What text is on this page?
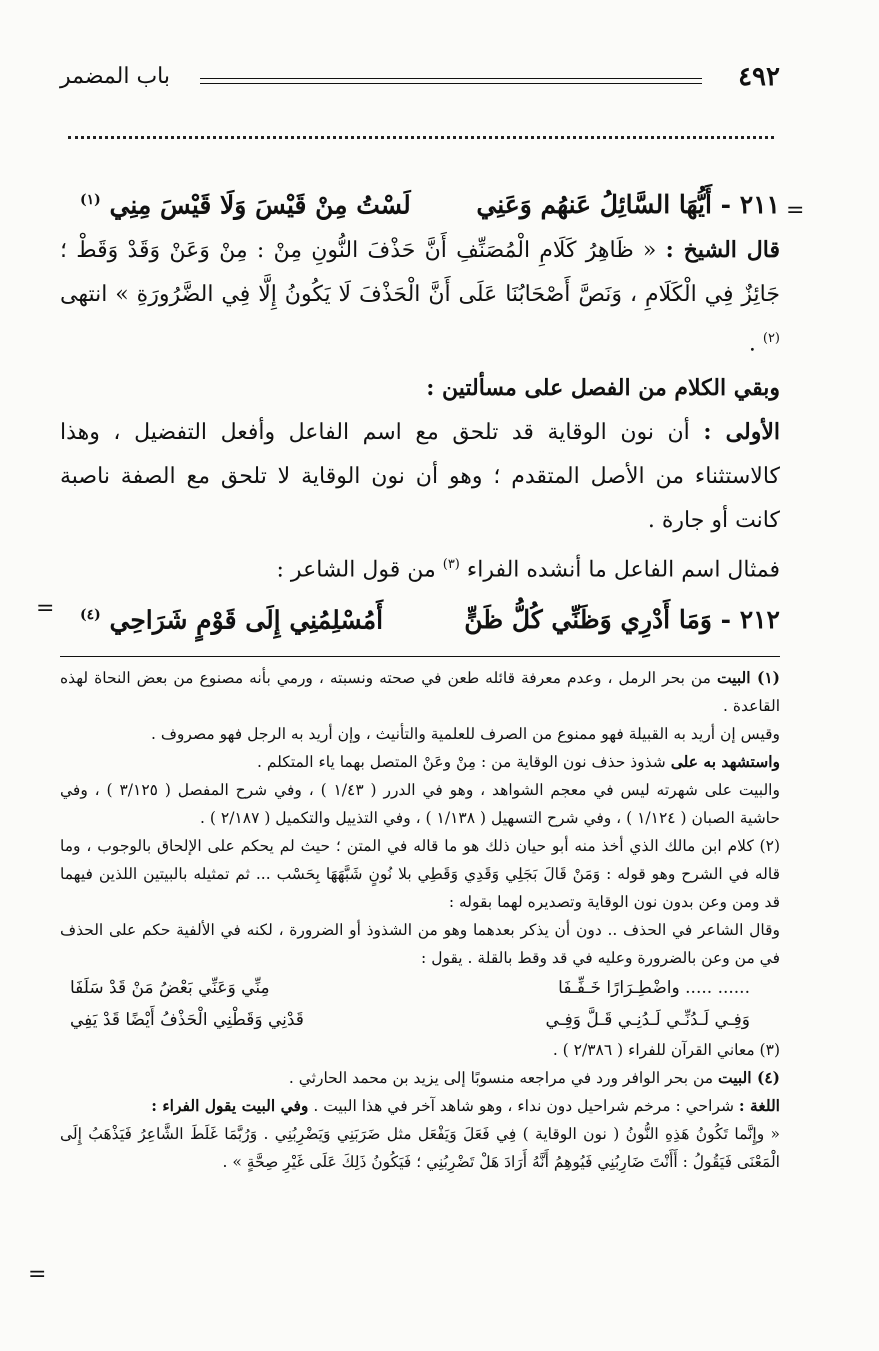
٤٩٢
باب المضمر
=
=
٢١١ - أَيُّهَا السَّائِلُ عَنهُم وَعَنِي
لَسْتُ مِنْ قَيْسَ وَلَا قَيْسَ مِنِي $^{(١)}$

قال الشيخ : « ظَاهِرُ كَلَامِ الْمُصَنِّفِ أَنَّ حَذْفَ النُّونِ مِنْ : مِنْ وَعَنْ وَقَدْ وَقَطْ ؛ جَائِزٌ فِي الْكَلَامِ ، وَنَصَّ أَصْحَابُنَا عَلَى أَنَّ الْحَذْفَ لَا يَكُونُ إِلَّا فِي الضَّرُورَةِ » انتهى $^{(٢)}$ .

وبقي الكلام من الفصل على مسألتين :

الأولى : أن نون الوقاية قد تلحق مع اسم الفاعل وأفعل التفضيل ، وهذا كالاستثناء من الأصل المتقدم ؛ وهو أن نون الوقاية لا تلحق مع الصفة ناصبة كانت أو جارة .

فمثال اسم الفاعل ما أنشده الفراء $^{(٣)}$ من قول الشاعر :

٢١٢ - وَمَا أَدْرِي وَظَنِّي كُلُّ ظَنٍّ
أَمُسْلِمُنِي إِلَى قَوْمٍ شَرَاحِي $^{(٤)}$

(١) البيت من بحر الرمل ، وعدم معرفة قائله طعن في صحته ونسبته ، ورمي بأنه مصنوع من بعض النحاة لهذه القاعدة .

وقيس إن أريد به القبيلة فهو ممنوع من الصرف للعلمية والتأنيث ، وإن أريد به الرجل فهو مصروف .

واستشهد به على شذوذ حذف نون الوقاية من : مِنْ وعَنْ المتصل بهما ياء المتكلم .

والبيت على شهرته ليس في معجم الشواهد ، وهو في الدرر ( ١/٤٣ ) ، وفي شرح المفصل ( ٣/١٢٥ ) ، وفي حاشية الصبان ( ١/١٢٤ ) ، وفي شرح التسهيل ( ١/١٣٨ ) ، وفي التذييل والتكميل ( ٢/١٨٧ ) .

(٢) كلام ابن مالك الذي أخذ منه أبو حيان ذلك هو ما قاله في المتن ؛ حيث لم يحكم على الإلحاق بالوجوب ، وما قاله في الشرح وهو قوله : وَمَنْ قَالَ بَجَلِي وَقَدِي وَقَطِي بلا نُونٍ شَبَّهَهَا بِحَسْب ... ثم تمثيله بالبيتين اللذين فيهما قد ومن وعن بدون نون الوقاية وتصديره لهما بقوله :

وقال الشاعر في الحذف .. دون أن يذكر بعدهما وهو من الشذوذ أو الضرورة ، لكنه في الألفية حكم على الحذف في من وعن بالضرورة وعليه في قد وقط بالقلة . يقول :

...... ..... واضْطِـرَارًا خَـفِّـفَا
مِنِّي وَعَنِّي بَعْضُ مَنْ قَدْ سَلَفَا
وَفِـي لَـدُنِّـي لَـدُنِـي قَـلَّ وَفِـي
قَدْنِي وَقَطْنِي الْحَذْفُ أَيْضًا قَدْ يَفِي

(٣) معاني القرآن للفراء ( ٢/٣٨٦ ) .

(٤) البيت من بحر الوافر ورد في مراجعه منسوبًا إلى يزيد بن محمد الحارثي .

اللغة : شراحي : مرخم شراحيل دون نداء ، وهو شاهد آخر في هذا البيت . وفي البيت يقول الفراء :

« وإِنَّما تَكُونُ هَذِهِ النُّونُ ( نون الوقاية ) فِي فَعَلَ وَيَفْعَل مثل ضَرَبَنِي وَيَضْرِبُنِي . وَرُبَّمَا غَلَطَ الشَّاعِرُ فَيَذْهَبُ إِلَى الْمَعْنَى فَيَقُولُ : أَأَنْتَ ضَارِبُنِي فَيُوهِمُ أَنَّهُ أَرَادَ هَلْ تَضْرِبُنِي ؛ فَيَكُونُ ذَلِكَ عَلَى غَيْرِ صِحَّةٍ » .

=
